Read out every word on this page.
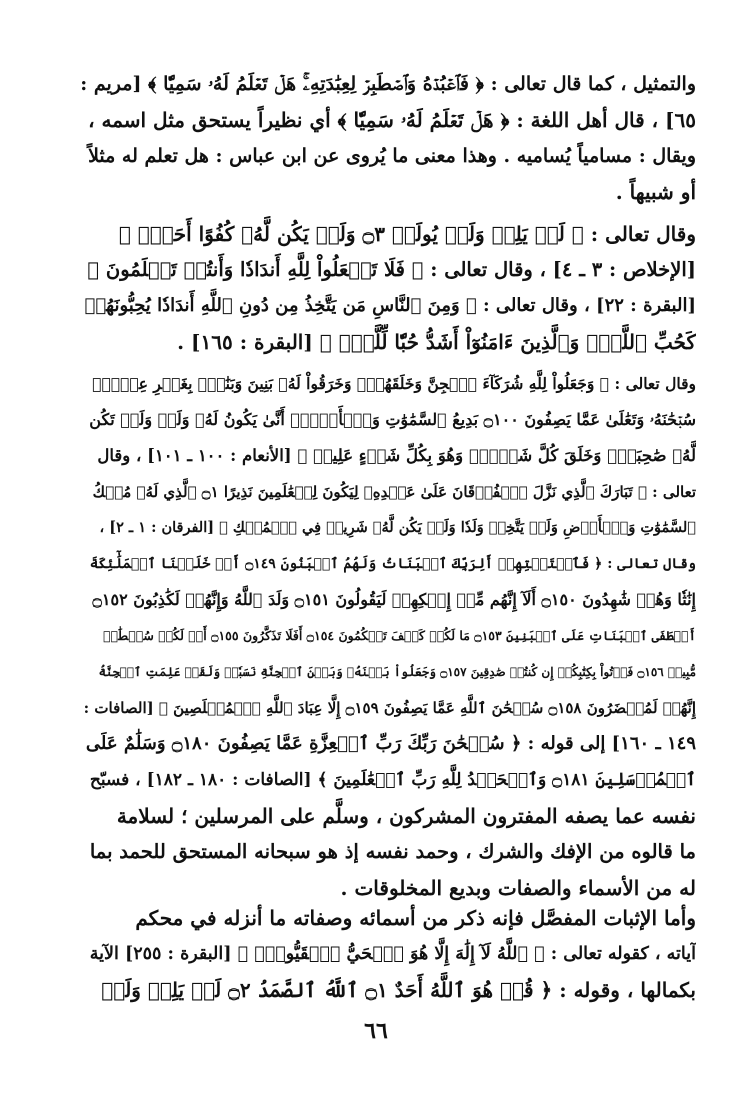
والتمثيل ، كما قال تعالى : ﴿ فَٱعۡبُدۡهُ وَٱصۡطَبِرۡ لِعِبَٰدَتِهِۦۚ هَلۡ تَعۡلَمُ لَهُۥ سَمِيّٗا ﴾ [مريم :
٦٥] ، قال أهل اللغة : ﴿ هَلۡ تَعۡلَمُ لَهُۥ سَمِيّٗا ﴾ أي نظيراً يستحق مثل اسمه ،
ويقال : مسامياً يُساميه . وهذا معنى ما يُروى عن ابن عباس : هل تعلم له مثلاً
أو شبيهاً .
وقال تعالى : ﴿ لَمۡ يَلِدۡ وَلَمۡ يُولَدۡ ۝٣ وَلَمۡ يَكُن لَّهُۥ كُفُوًا أَحَدُۢ ﴾
[الإخلاص : ٣ ـ ٤] ، وقال تعالى : ﴿ فَلَا تَجۡعَلُواْ لِلَّهِ أَندَادٗا وَأَنتُمۡ تَعۡلَمُونَ ﴾
[البقرة : ٢٢] ، وقال تعالى : ﴿ وَمِنَ ٱلنَّاسِ مَن يَتَّخِذُ مِن دُونِ ٱللَّهِ أَندَادٗا يُحِبُّونَهُمۡ
كَحُبِّ ٱللَّهِۖ وَٱلَّذِينَ ءَامَنُوٓاْ أَشَدُّ حُبّٗا لِّلَّهِۗ ﴾ [البقرة : ١٦٥] .
وقال تعالى : ﴿ وَجَعَلُواْ لِلَّهِ شُرَكَآءَ ٱلۡجِنَّ وَخَلَقَهُمۡۖ وَخَرَقُواْ لَهُۥ بَنِينَ وَبَنَٰتِۭ بِغَيۡرِ عِلۡمٖۚ
سُبۡحَٰنَهُۥ وَتَعَٰلَىٰ عَمَّا يَصِفُونَ ۝١٠٠ بَدِيعُ ٱلسَّمَٰوَٰتِ وَٱلۡأَرۡضِۖ أَنَّىٰ يَكُونُ لَهُۥ وَلَدٞ وَلَمۡ تَكُن
لَّهُۥ صَٰحِبَةٞۖ وَخَلَقَ كُلَّ شَيۡءٖۖ وَهُوَ بِكُلِّ شَيۡءٍ عَلِيمٞ ﴾ [الأنعام : ١٠٠ ـ ١٠١] ، وقال
تعالى : ﴿ تَبَارَكَ ٱلَّذِي نَزَّلَ ٱلۡفُرۡقَانَ عَلَىٰ عَبۡدِهِۦ لِيَكُونَ لِلۡعَٰلَمِينَ نَذِيرًا ۝١ ٱلَّذِي لَهُۥ مُلۡكُ
ٱلسَّمَٰوَٰتِ وَٱلۡأَرۡضِ وَلَمۡ يَتَّخِذۡ وَلَدٗا وَلَمۡ يَكُن لَّهُۥ شَرِيكٞ فِي ٱلۡمُلۡكِ ﴾ [الفرقان : ١ ـ ٢] ،
وقال تعالى : ﴿ فَٱسۡتَفۡتِهِمۡ أَلِرَبِّكَ ٱلۡبَنَاتُ وَلَهُمُ ٱلۡبَنُونَ ۝١٤٩ أَمۡ خَلَقۡنَا ٱلۡمَلَٰٓئِكَةَ
إِنَٰثٗا وَهُمۡ شَٰهِدُونَ ۝١٥٠ أَلَآ إِنَّهُم مِّنۡ إِفۡكِهِمۡ لَيَقُولُونَ ۝١٥١ وَلَدَ ٱللَّهُ وَإِنَّهُمۡ لَكَٰذِبُونَ ۝١٥٢
أَصۡطَفَى ٱلۡبَنَاتِ عَلَى ٱلۡبَنِينَ ۝١٥٣ مَا لَكُمۡ كَيۡفَ تَحۡكُمُونَ ۝١٥٤ أَفَلَا تَذَكَّرُونَ ۝١٥٥ أَمۡ لَكُمۡ سُلۡطَٰنٞ
مُّبِينٞ ۝١٥٦ فَأۡتُواْ بِكِتَٰبِكُمۡ إِن كُنتُمۡ صَٰدِقِينَ ۝١٥٧ وَجَعَلُواْ بَيۡنَهُۥ وَبَيۡنَ ٱلۡجِنَّةِ نَسَبٗاۚ وَلَقَدۡ عَلِمَتِ ٱلۡجِنَّةُ
إِنَّهُمۡ لَمُحۡضَرُونَ ۝١٥٨ سُبۡحَٰنَ ٱللَّهِ عَمَّا يَصِفُونَ ۝١٥٩ إِلَّا عِبَادَ ٱللَّهِ ٱلۡمُخۡلَصِينَ ﴾ [الصافات :
١٤٩ ـ ١٦٠] إلى قوله : ﴿ سُبۡحَٰنَ رَبِّكَ رَبِّ ٱلۡعِزَّةِ عَمَّا يَصِفُونَ ۝١٨٠ وَسَلَٰمٌ عَلَى
ٱلۡمُرۡسَلِينَ ۝١٨١ وَٱلۡحَمۡدُ لِلَّهِ رَبِّ ٱلۡعَٰلَمِينَ ﴾ [الصافات : ١٨٠ ـ ١٨٢] ، فسبّح
نفسه عما يصفه المفترون المشركون ، وسلَّم على المرسلين ؛ لسلامة
ما قالوه من الإفك والشرك ، وحمد نفسه إذ هو سبحانه المستحق للحمد بما
له من الأسماء والصفات وبديع المخلوقات .
وأما الإثبات المفصَّل فإنه ذكر من أسمائه وصفاته ما أنزله في محكم
آياته ، كقوله تعالى : ﴿ ٱللَّهُ لَآ إِلَٰهَ إِلَّا هُوَ ٱلۡحَيُّ ٱلۡقَيُّومُۚ ﴾ [البقرة : ٢٥٥] الآية
بكمالها ، وقوله : ﴿ قُلۡ هُوَ ٱللَّهُ أَحَدٌ ۝١ ٱللَّهُ ٱلصَّمَدُ ۝٢ لَمۡ يَلِدۡ وَلَمۡ
٦٦
